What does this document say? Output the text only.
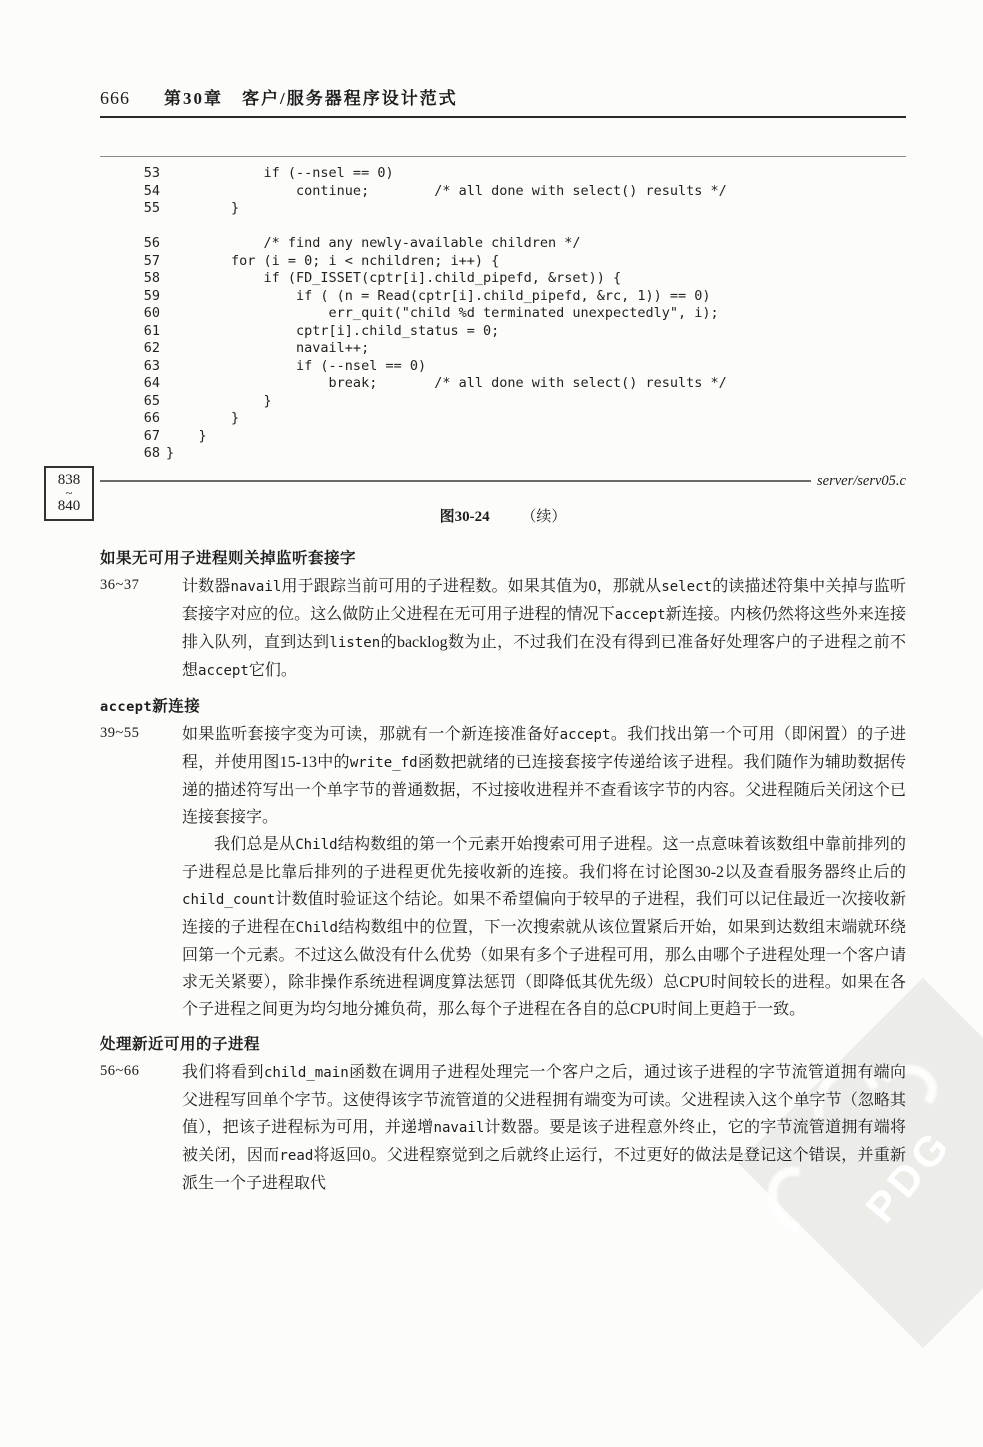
838
~
840
PDG
666 第30章　客户/服务器程序设计范式
53 if (--nsel == 0)
54 continue;        /* all done with select() results */
55 }
56 /* find any newly-available children */
57 for (i = 0; i < nchildren; i++) {
58 if (FD_ISSET(cptr[i].child_pipefd, &rset)) {
59 if ( (n = Read(cptr[i].child_pipefd, &rc, 1)) == 0)
60 err_quit("child %d terminated unexpectedly", i);
61 cptr[i].child_status = 0;
62 navail++;
63 if (--nsel == 0)
64 break;       /* all done with select() results */
65 }
66 }
67 }
68 }
server/serv05.c
图30-24 （续）
如果无可用子进程则关掉监听套接字
36~37	计数器navail用于跟踪当前可用的子进程数。如果其值为0，那就从select的读描述符集中关掉与监听套接字对应的位。这么做防止父进程在无可用子进程的情况下accept新连接。内核仍然将这些外来连接排入队列，直到达到listen的backlog数为止，不过我们在没有得到已准备好处理客户的子进程之前不想accept它们。
accept新连接
39~55	如果监听套接字变为可读，那就有一个新连接准备好accept。我们找出第一个可用（即闲置）的子进程，并使用图15-13中的write_fd函数把就绪的已连接套接字传递给该子进程。我们随作为辅助数据传递的描述符写出一个单字节的普通数据，不过接收进程并不查看该字节的内容。父进程随后关闭这个已连接套接字。
我们总是从Child结构数组的第一个元素开始搜索可用子进程。这一点意味着该数组中靠前排列的子进程总是比靠后排列的子进程更优先接收新的连接。我们将在讨论图30-2以及查看服务器终止后的child_count计数值时验证这个结论。如果不希望偏向于较早的子进程，我们可以记住最近一次接收新连接的子进程在Child结构数组中的位置，下一次搜索就从该位置紧后开始，如果到达数组末端就环绕回第一个元素。不过这么做没有什么优势（如果有多个子进程可用，那么由哪个子进程处理一个客户请求无关紧要），除非操作系统进程调度算法惩罚（即降低其优先级）总CPU时间较长的进程。如果在各个子进程之间更为均匀地分摊负荷，那么每个子进程在各自的总CPU时间上更趋于一致。
处理新近可用的子进程
56~66	我们将看到child_main函数在调用子进程处理完一个客户之后，通过该子进程的字节流管道拥有端向父进程写回单个字节。这使得该字节流管道的父进程拥有端变为可读。父进程读入这个单字节（忽略其值），把该子进程标为可用，并递增navail计数器。要是该子进程意外终止，它的字节流管道拥有端将被关闭，因而read将返回0。父进程察觉到之后就终止运行，不过更好的做法是登记这个错误，并重新派生一个子进程取代
